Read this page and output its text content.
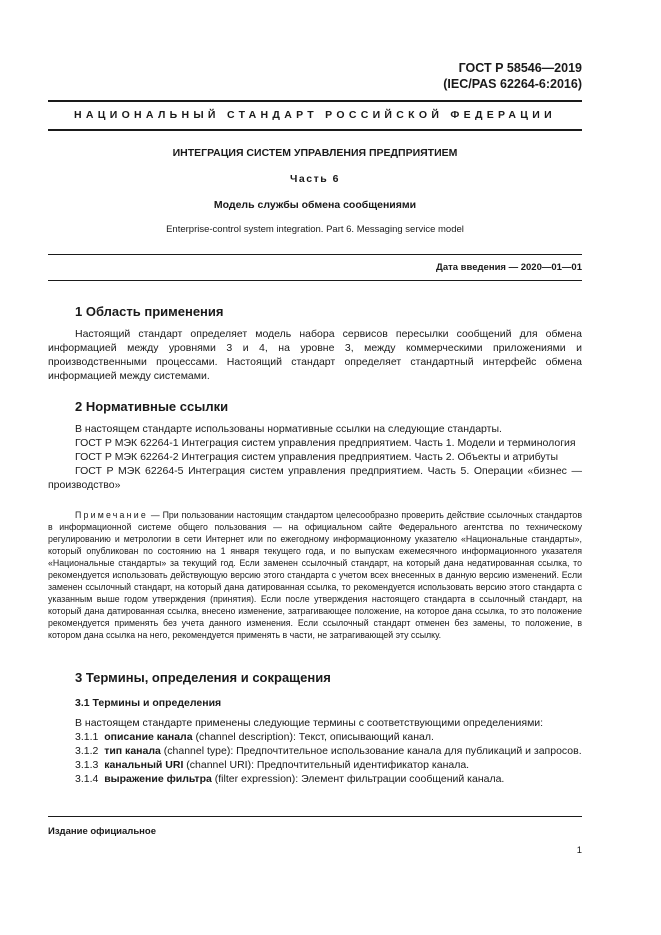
ГОСТ Р 58546—2019
(IEC/PAS 62264-6:2016)
НАЦИОНАЛЬНЫЙ СТАНДАРТ РОССИЙСКОЙ ФЕДЕРАЦИИ
ИНТЕГРАЦИЯ СИСТЕМ УПРАВЛЕНИЯ ПРЕДПРИЯТИЕМ
Часть 6
Модель службы обмена сообщениями
Enterprise-control system integration. Part 6. Messaging service model
Дата введения — 2020—01—01
1 Область применения

Настоящий стандарт определяет модель набора сервисов пересылки сообщений для обмена информацией между уровнями 3 и 4, на уровне 3, между коммерческими приложениями и производственными процессами. Настоящий стандарт определяет стандартный интерфейс обмена информацией между системами.

2 Нормативные ссылки

В настоящем стандарте использованы нормативные ссылки на следующие стандарты.

ГОСТ Р МЭК 62264-1 Интеграция систем управления предприятием. Часть 1. Модели и терминология

ГОСТ Р МЭК 62264-2 Интеграция систем управления предприятием. Часть 2. Объекты и атрибуты

ГОСТ Р МЭК 62264-5 Интеграция систем управления предприятием. Часть 5. Операции «бизнес — производство»

Примечание — При пользовании настоящим стандартом целесообразно проверить действие ссылочных стандартов в информационной системе общего пользования — на официальном сайте Федерального агентства по техническому регулированию и метрологии в сети Интернет или по ежегодному информационному указателю «Национальные стандарты», который опубликован по состоянию на 1 января текущего года, и по выпускам ежемесячного информационного указателя «Национальные стандарты» за текущий год. Если заменен ссылочный стандарт, на который дана недатированная ссылка, то рекомендуется использовать действующую версию этого стандарта с учетом всех внесенных в данную версию изменений. Если заменен ссылочный стандарт, на который дана датированная ссылка, то рекомендуется использовать версию этого стандарта с указанным выше годом утверждения (принятия). Если после утверждения настоящего стандарта в ссылочный стандарт, на который дана датированная ссылка, внесено изменение, затрагивающее положение, на которое дана ссылка, то это положение рекомендуется применять без учета данного изменения. Если ссылочный стандарт отменен без замены, то положение, в котором дана ссылка на него, рекомендуется применять в части, не затрагивающей эту ссылку.

3 Термины, определения и сокращения
3.1 Термины и определения

В настоящем стандарте применены следующие термины с соответствующими определениями:

3.1.1 описание канала (channel description): Текст, описывающий канал.

3.1.2 тип канала (channel type): Предпочтительное использование канала для публикаций и запросов.

3.1.3 канальный URI (channel URI): Предпочтительный идентификатор канала.

3.1.4 выражение фильтра (filter expression): Элемент фильтрации сообщений канала.

Издание официальное
1
